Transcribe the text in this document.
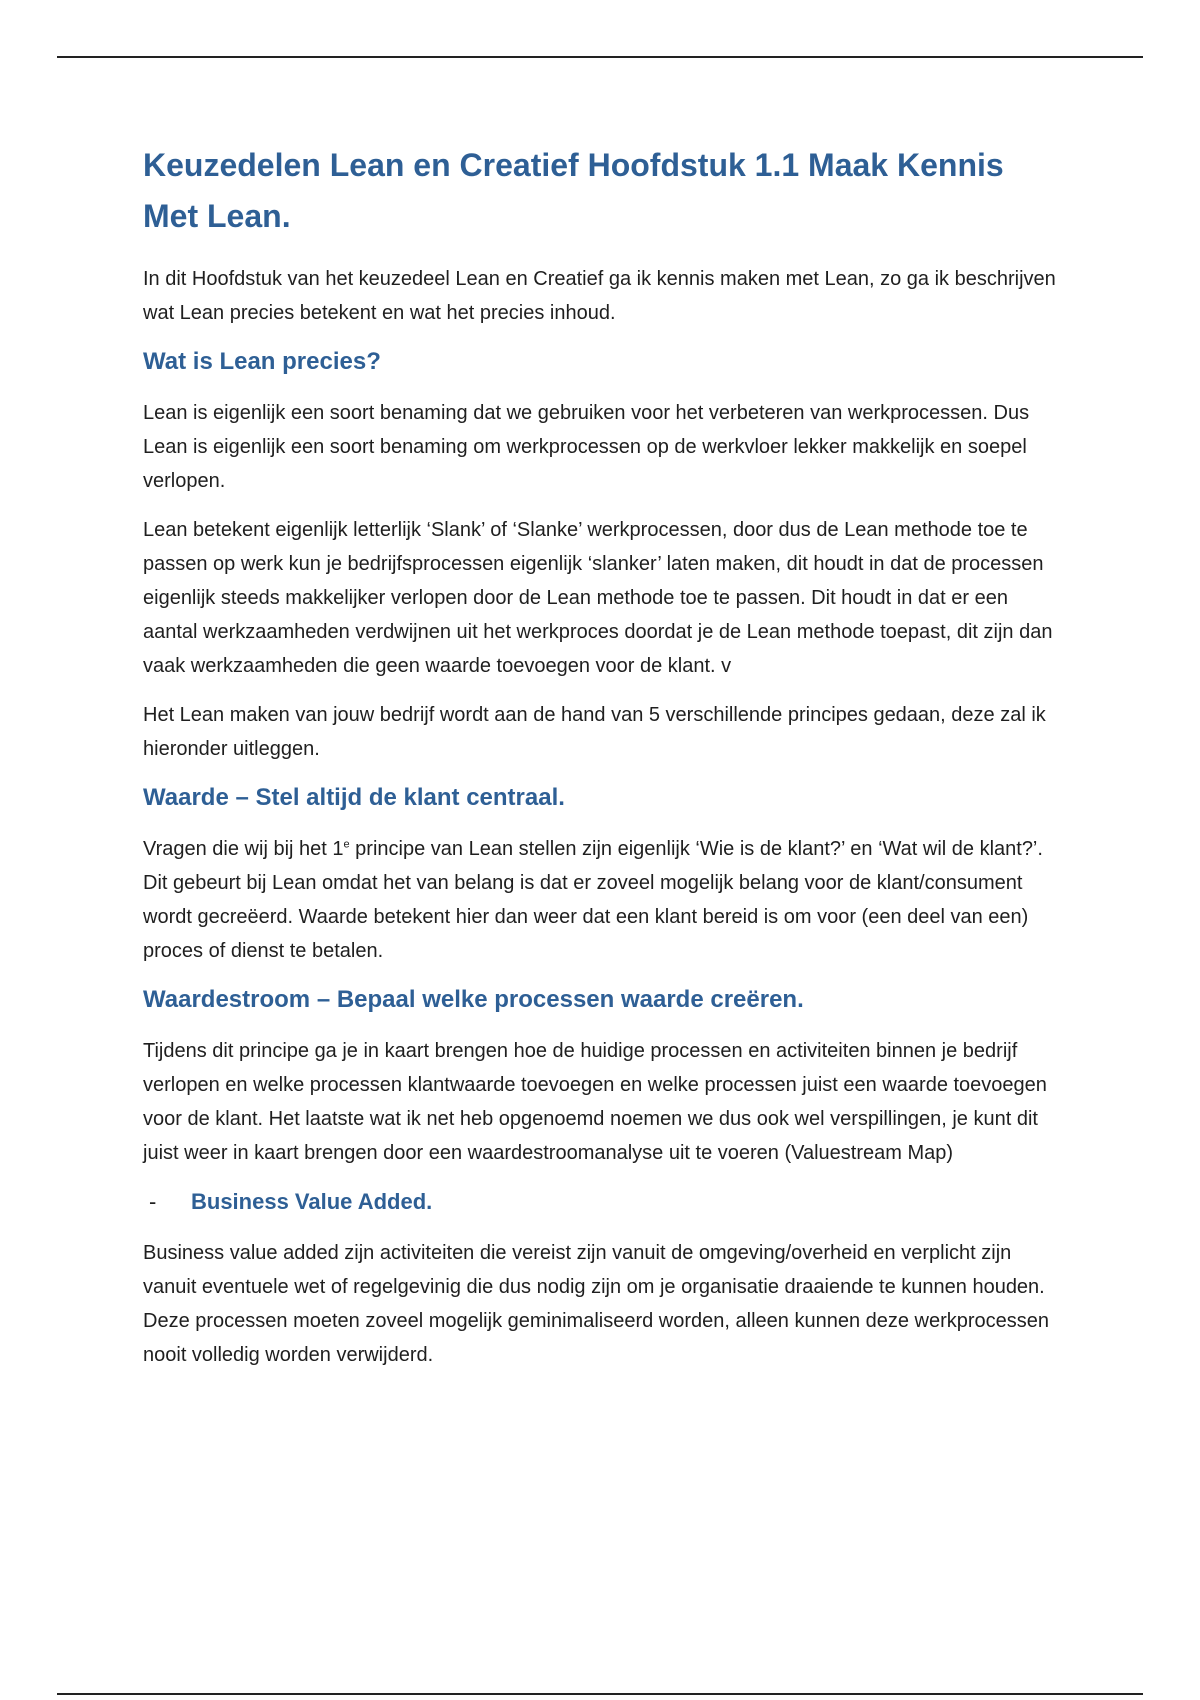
Keuzedelen Lean en Creatief Hoofdstuk 1.1 Maak Kennis Met Lean.

In dit Hoofdstuk van het keuzedeel Lean en Creatief ga ik kennis maken met Lean, zo ga ik beschrijven wat Lean precies betekent en wat het precies inhoud.

Wat is Lean precies?

Lean is eigenlijk een soort benaming dat we gebruiken voor het verbeteren van werkprocessen. Dus Lean is eigenlijk een soort benaming om werkprocessen op de werkvloer lekker makkelijk en soepel verlopen.

Lean betekent eigenlijk letterlijk ‘Slank’ of ‘Slanke’ werkprocessen, door dus de Lean methode toe te passen op werk kun je bedrijfsprocessen eigenlijk ‘slanker’ laten maken, dit houdt in dat de processen eigenlijk steeds makkelijker verlopen door de Lean methode toe te passen. Dit houdt in dat er een aantal werkzaamheden verdwijnen uit het werkproces doordat je de Lean methode toepast, dit zijn dan vaak werkzaamheden die geen waarde toevoegen voor de klant. v

Het Lean maken van jouw bedrijf wordt aan de hand van 5 verschillende principes gedaan, deze zal ik hieronder uitleggen.

Waarde – Stel altijd de klant centraal.

Vragen die wij bij het 1e principe van Lean stellen zijn eigenlijk ‘Wie is de klant?’ en ‘Wat wil de klant?’. Dit gebeurt bij Lean omdat het van belang is dat er zoveel mogelijk belang voor de klant/consument wordt gecreëerd. Waarde betekent hier dan weer dat een klant bereid is om voor (een deel van een) proces of dienst te betalen.

Waardestroom – Bepaal welke processen waarde creëren.

Tijdens dit principe ga je in kaart brengen hoe de huidige processen en activiteiten binnen je bedrijf verlopen en welke processen klantwaarde toevoegen en welke processen juist een waarde toevoegen voor de klant. Het laatste wat ik net heb opgenoemd noemen we dus ook wel verspillingen, je kunt dit juist weer in kaart brengen door een waardestroomanalyse uit te voeren (Valuestream Map)

-	Business Value Added.

Business value added zijn activiteiten die vereist zijn vanuit de omgeving/overheid en verplicht zijn vanuit eventuele wet of regelgevinig die dus nodig zijn om je organisatie draaiende te kunnen houden. Deze processen moeten zoveel mogelijk geminimaliseerd worden, alleen kunnen deze werkprocessen nooit volledig worden verwijderd.
